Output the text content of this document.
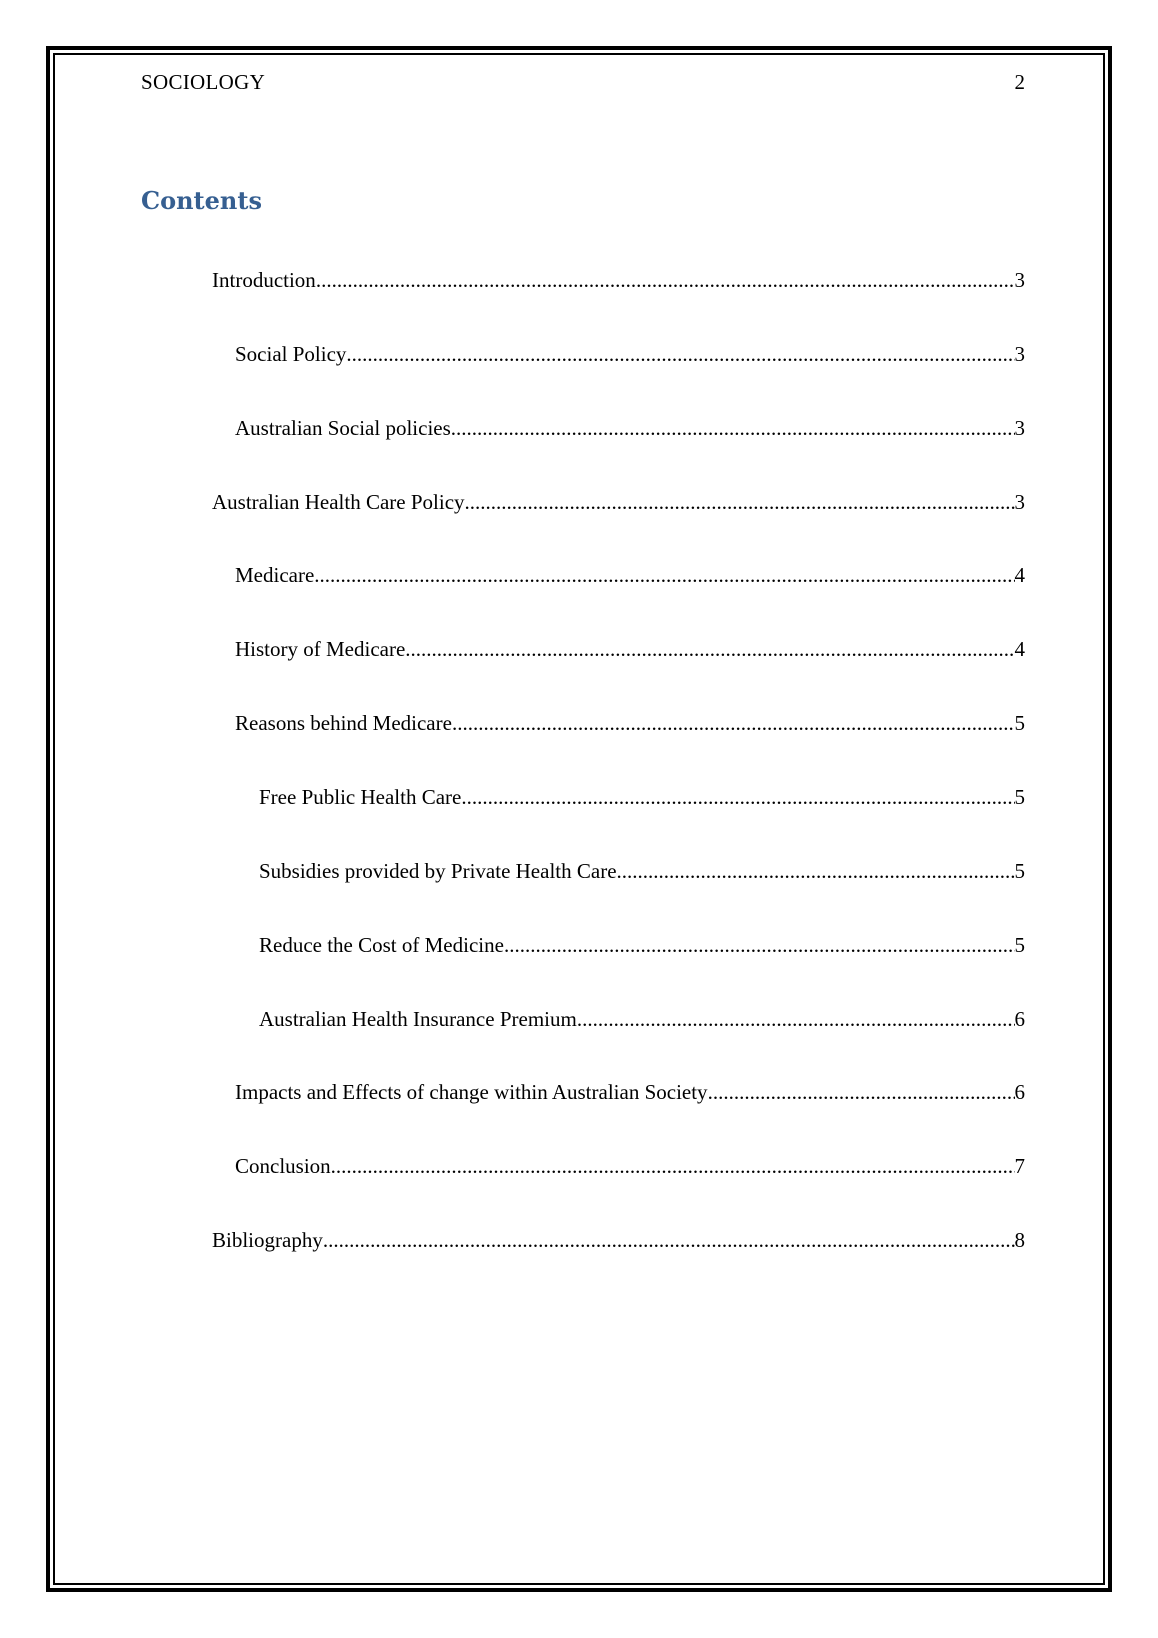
SOCIOLOGY	2
Contents
Introduction .....	3
Social Policy .....	3
Australian Social policies .....	3
Australian Health Care Policy .....	3
Medicare .....	4
History of Medicare .....	4
Reasons behind Medicare .....	5
Free Public Health Care .....	5
Subsidies provided by Private Health Care .....	5
Reduce the Cost of Medicine .....	5
Australian Health Insurance Premium .....	6
Impacts and Effects of change within Australian Society .....	6
Conclusion .....	7
Bibliography .....	8
